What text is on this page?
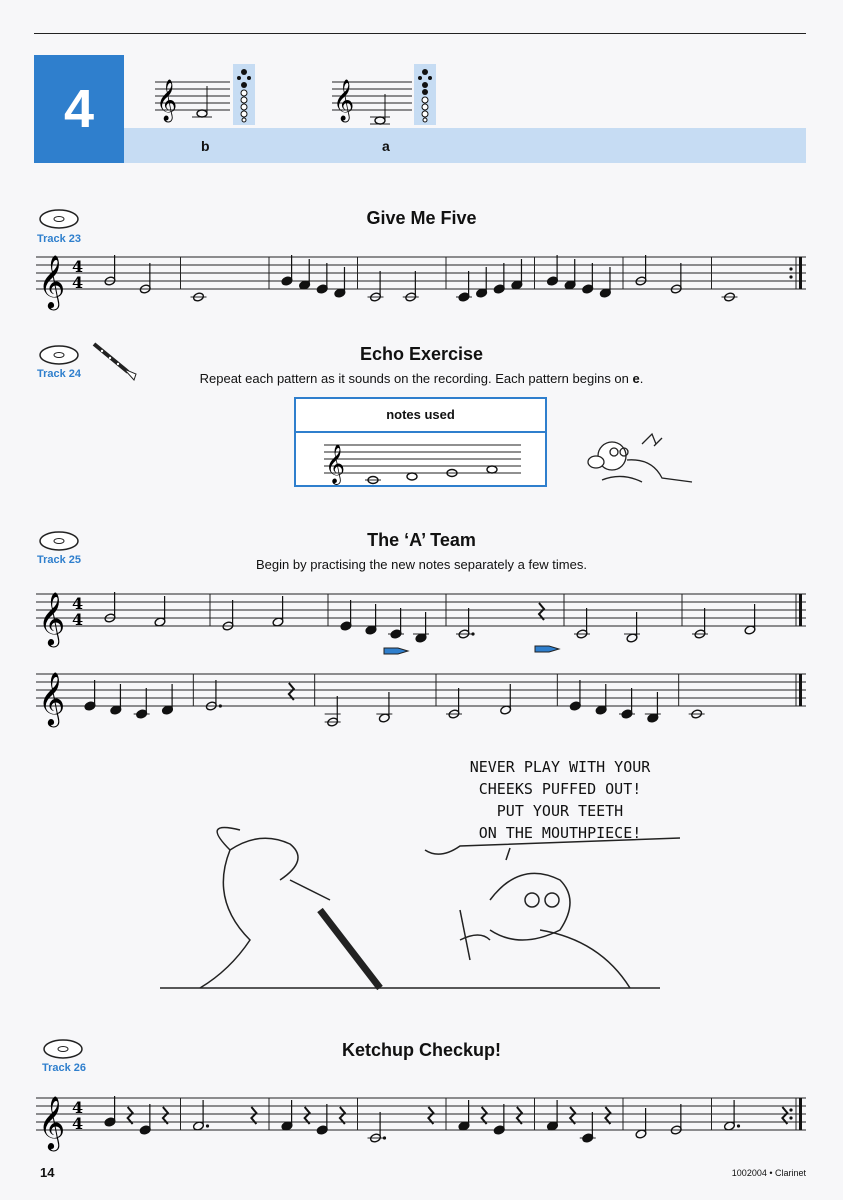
4	𝄞	𝄞
b	a
Track 23
Give Me Five
𝄞 4
4
Track 24
Echo Exercise
Repeat each pattern as it sounds on the recording. Each pattern begins on e.
notes used
𝄞
Track 25
The ‘A’ Team
Begin by practising the new notes separately a few times.
𝄞 4
4
𝄞
NEVER PLAY WITH YOUR
CHEEKS PUFFED OUT!
PUT YOUR TEETH
ON THE MOUTHPIECE!
Track 26
Ketchup Checkup!
𝄞 4
4
14	1002004 • Clarinet
